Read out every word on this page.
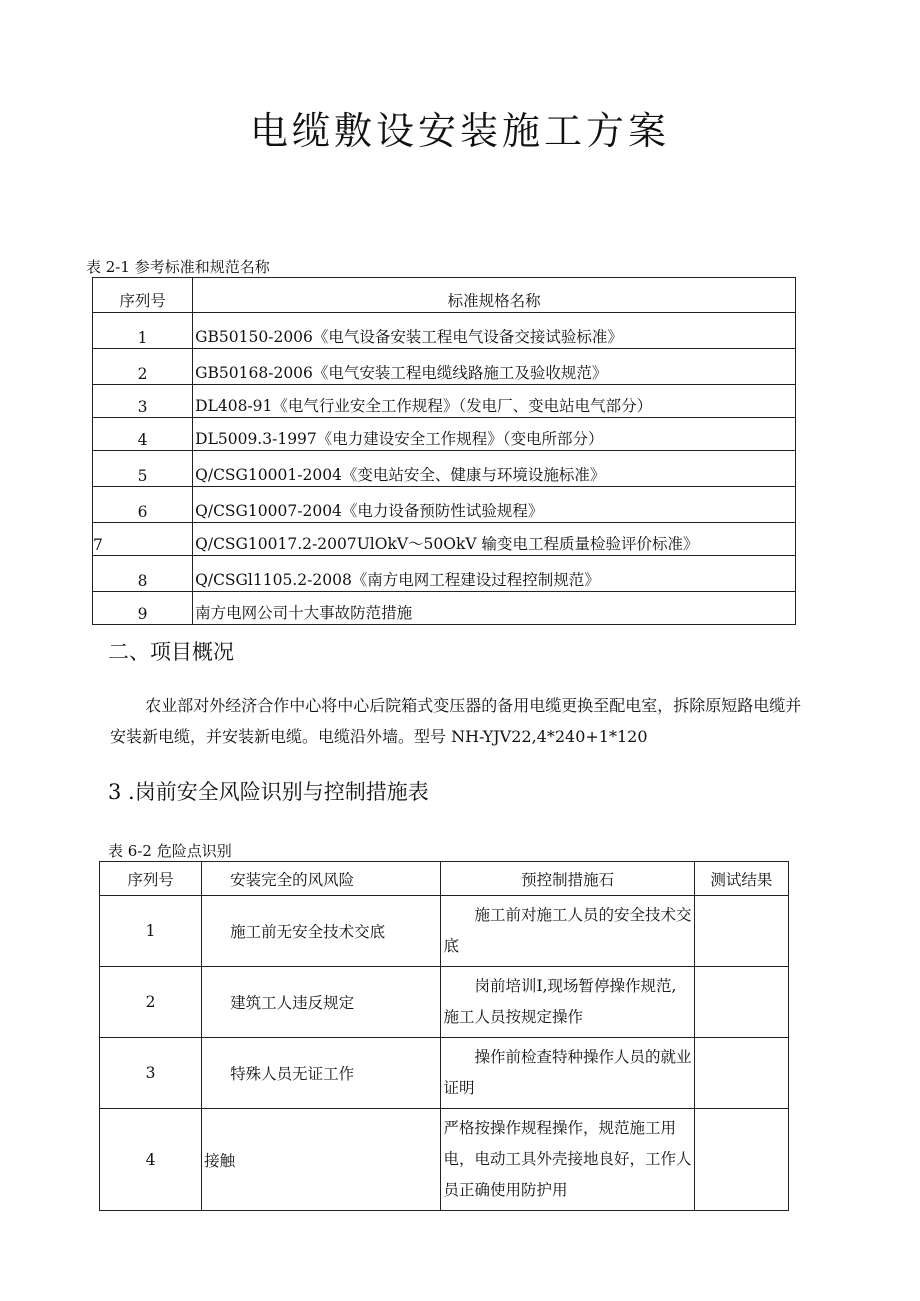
电缆敷设安装施工方案
表 2-1 参考标准和规范名称
序列号	标准规格名称
1	GB50150-2006《电气设备安装工程电气设备交接试验标准》
2	GB50168-2006《电气安装工程电缆线路施工及验收规范》
3	DL408-91《电气行业安全工作规程》（发电厂、变电站电气部分）
4	DL5009.3-1997《电力建设安全工作规程》（变电所部分）
5	Q/CSG10001-2004《变电站安全、健康与环境设施标准》
6	Q/CSG10007-2004《电力设备预防性试验规程》
7	Q/CSG10017.2-2007UlOkV～50OkV 输变电工程质量检验评价标准》
8	Q/CSGl1105.2-2008《南方电网工程建设过程控制规范》
9	南方电网公司十大事故防范措施
二、项目概况
农业部对外经济合作中心将中心后院箱式变压器的备用电缆更换至配电室，拆除原短路电缆并安装新电缆，并安装新电缆。电缆沿外墙。型号 NH-YJV22,4*240+1*120
3 .岗前安全风险识别与控制措施表
表 6-2 危险点识别
序列号	安装完全的风风险	预控制措施石	测试结果
1	施工前无安全技术交底	施工前对施工人员的安全技术交底	
2	建筑工人违反规定	岗前培训I,现场暂停操作规范,施工人员按规定操作	
3	特殊人员无证工作	操作前检查特种操作人员的就业证明	
4	接触	严格按操作规程操作，规范施工用电，电动工具外壳接地良好，工作人员正确使用防护用	
